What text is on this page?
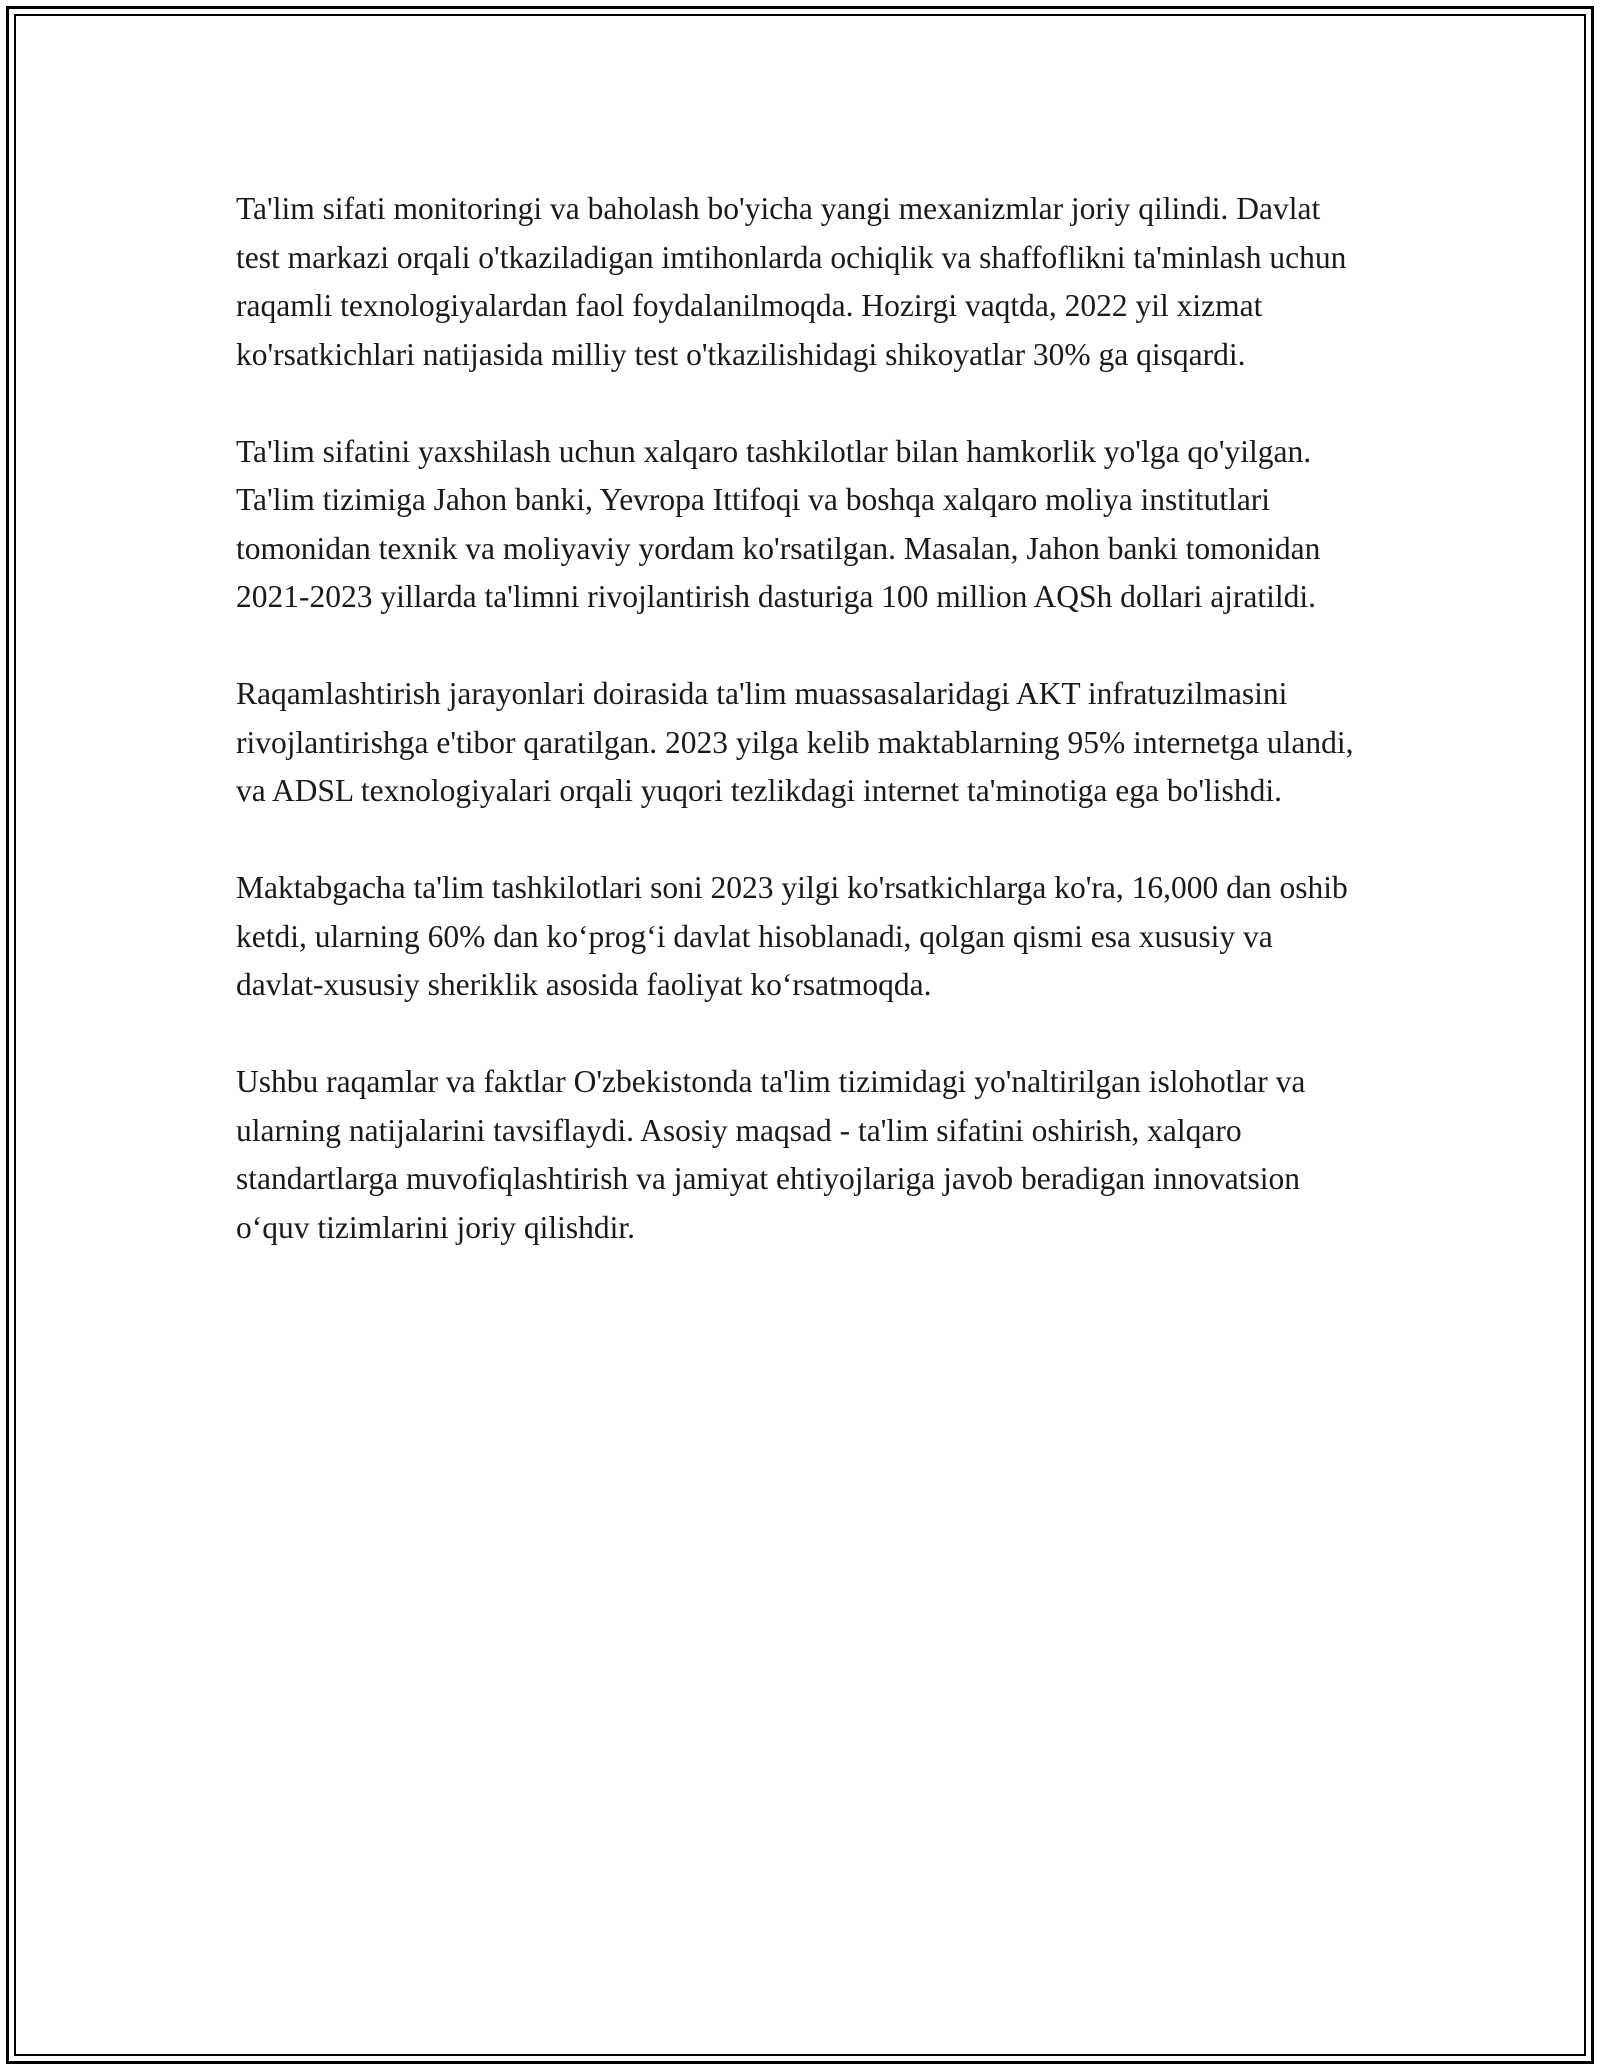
Ta'lim sifati monitoringi va baholash bo'yicha yangi mexanizmlar joriy qilindi. Davlat test markazi orqali o'tkaziladigan imtihonlarda ochiqlik va shaffoflikni ta'minlash uchun raqamli texnologiyalardan faol foydalanilmoqda. Hozirgi vaqtda, 2022 yil xizmat ko'rsatkichlari natijasida milliy test o'tkazilishidagi shikoyatlar 30% ga qisqardi.

Ta'lim sifatini yaxshilash uchun xalqaro tashkilotlar bilan hamkorlik yo'lga qo'yilgan. Ta'lim tizimiga Jahon banki, Yevropa Ittifoqi va boshqa xalqaro moliya institutlari tomonidan texnik va moliyaviy yordam ko'rsatilgan. Masalan, Jahon banki tomonidan 2021-2023 yillarda ta'limni rivojlantirish dasturiga 100 million AQSh dollari ajratildi.

Raqamlashtirish jarayonlari doirasida ta'lim muassasalaridagi AKT infratuzilmasini rivojlantirishga e'tibor qaratilgan. 2023 yilga kelib maktablarning 95% internetga ulandi, va ADSL texnologiyalari orqali yuqori tezlikdagi internet ta'minotiga ega bo'lishdi.

Maktabgacha ta'lim tashkilotlari soni 2023 yilgi ko'rsatkichlarga ko'ra, 16,000 dan oshib ketdi, ularning 60% dan ko‘prog‘i davlat hisoblanadi, qolgan qismi esa xususiy va davlat-xususiy sheriklik asosida faoliyat ko‘rsatmoqda.

Ushbu raqamlar va faktlar O'zbekistonda ta'lim tizimidagi yo'naltirilgan islohotlar va ularning natijalarini tavsiflaydi. Asosiy maqsad - ta'lim sifatini oshirish, xalqaro standartlarga muvofiqlashtirish va jamiyat ehtiyojlariga javob beradigan innovatsion o‘quv tizimlarini joriy qilishdir.
